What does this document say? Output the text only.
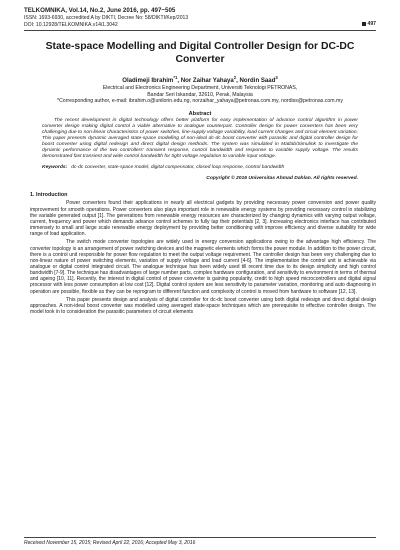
TELKOMNIKA, Vol.14, No.2, June 2016, pp. 497~505
ISSN: 1693-6930, accredited A by DIKTI, Decree No: 58/DIKTI/Kep/2013
DOI: 10.12928/TELKOMNIKA.v14i1.3042	497
State-space Modelling and Digital Controller Design for DC-DC Converter
Oladimeji Ibrahim$^{*1}$, Nor Zaihar Yahaya$^2$, Nordin Saad$^3$
Electrical and Electronics Engineering Department, Universiti Teknologi PETRONAS,
Bandar Seri Iskandar, 32610, Perak, Malaysia
*Corresponding author, e-mail: ibrahim.o@unilorin.edu.ng, norzaihar_yahaya@petronas.com.my, nordiss@petronas.com.my
Abstract
The recent development in digital technology offers better platform for easy implementation of advance control algorithm in power converter design making digital control a viable alternative to analogue counterpart. Controller design for power converters has been very challenging due to non-linear characteristics of power switches, line-supply voltage variability, load current changes and circuit element variation. This paper presents dynamic averaged state-space modelling of non-ideal dc-dc boost converter with parasitic and digital controller design for boost converter using digital redesign and direct digital design methods. The system was simulated in Matlab/Simulink to investigate the dynamic performance of the two controllers' transient response, control bandwidth and response to variable supply voltage. The results demonstrated fast transient and wide control bandwidth for tight voltage regulation to variable input voltage.
Keywords: dc-dc converter, state-space model, digital compensator, closed loop response, control bandwidth
Copyright © 2016 Universitas Ahmad Dahlan. All rights reserved.
1. Introduction
Power converters found their applications in nearly all electrical gadgets by providing necessary power conversion and power quality improvement for smooth operations. Power converters also plays important role in renewable energy systems by providing necessary control in stabilizing the variable generated output [1]. The generations from renewable energy resources are characterized by changing dynamics with varying output voltage, current, frequency and power which demands advance control schemes to fully tap their potentials [2, 3]. Increasing electronics interface has contributed immensely to small and large scale renewable energy deployment by providing better conditioning with improve efficiency and diverse suitability for wide range of load application.
The switch mode converter topologies are widely used in energy conversion applications owing to the advantage high efficiency. The converter topology is an arrangement of power switching devices and the magnetic elements which forms the power module. In addition to the power circuit, there is a control unit responsible for power flow regulation to meet the output voltage requirement. The controller design has been very challenging due to non-linear nature of power switching elements, variation of supply voltage and load current [4-6]. The implementation the control unit is achievable via analogue or digital control integrated circuit. The analogue technique has been widely used till recent time due to its design simplicity and high control bandwidth [7-9]. The technique has disadvantages of large number parts, complex hardware configuration, and sensitivity to environment in terms of thermal and ageing [10, 11]. Recently, the interest in digital control of power converter is gaining popularity, credit to high speed microcontrollers and digital signal processor with less power consumption at low cost [12]. Digital control system are less sensitivity to parameter variation, monitoring and auto diagnosing in operation are possible, flexible as they can be reprogram to different function and complexity of control is moved from hardware to software [12, 13].
This paper presents design and analysis of digital controller for dc-dc boost converter using both digital redesign and direct digital design approaches. A non-ideal boost converter was modelled using averaged state-space techniques which are prerequisite to effective controller design. The model took in to consideration the parasitic parameters of circuit elements
Received November 15, 2015; Revised April 22, 2016; Accepted May 3, 2016
